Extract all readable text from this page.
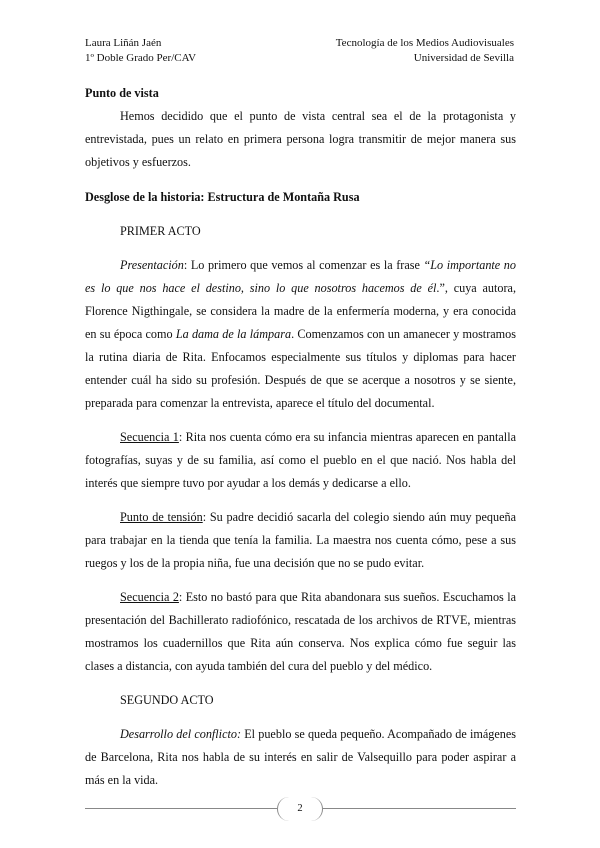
Laura Liñán Jaén
1º Doble Grado Per/CAV
Tecnología de los Medios Audiovisuales
Universidad de Sevilla

Punto de vista

Hemos decidido que el punto de vista central sea el de la protagonista y entrevistada, pues un relato en primera persona logra transmitir de mejor manera sus objetivos y esfuerzos.

Desglose de la historia: Estructura de Montaña Rusa

PRIMER ACTO

Presentación: Lo primero que vemos al comenzar es la frase “Lo importante no es lo que nos hace el destino, sino lo que nosotros hacemos de él.”, cuya autora, Florence Nigthingale, se considera la madre de la enfermería moderna, y era conocida en su época como La dama de la lámpara. Comenzamos con un amanecer y mostramos la rutina diaria de Rita. Enfocamos especialmente sus títulos y diplomas para hacer entender cuál ha sido su profesión. Después de que se acerque a nosotros y se siente, preparada para comenzar la entrevista, aparece el título del documental.

Secuencia 1: Rita nos cuenta cómo era su infancia mientras aparecen en pantalla fotografías, suyas y de su familia, así como el pueblo en el que nació. Nos habla del interés que siempre tuvo por ayudar a los demás y dedicarse a ello.

Punto de tensión: Su padre decidió sacarla del colegio siendo aún muy pequeña para trabajar en la tienda que tenía la familia. La maestra nos cuenta cómo, pese a sus ruegos y los de la propia niña, fue una decisión que no se pudo evitar.

Secuencia 2: Esto no bastó para que Rita abandonara sus sueños. Escuchamos la presentación del Bachillerato radiofónico, rescatada de los archivos de RTVE, mientras mostramos los cuadernillos que Rita aún conserva. Nos explica cómo fue seguir las clases a distancia, con ayuda también del cura del pueblo y del médico.

SEGUNDO ACTO

Desarrollo del conflicto: El pueblo se queda pequeño. Acompañado de imágenes de Barcelona, Rita nos habla de su interés en salir de Valsequillo para poder aspirar a más en la vida.

2
